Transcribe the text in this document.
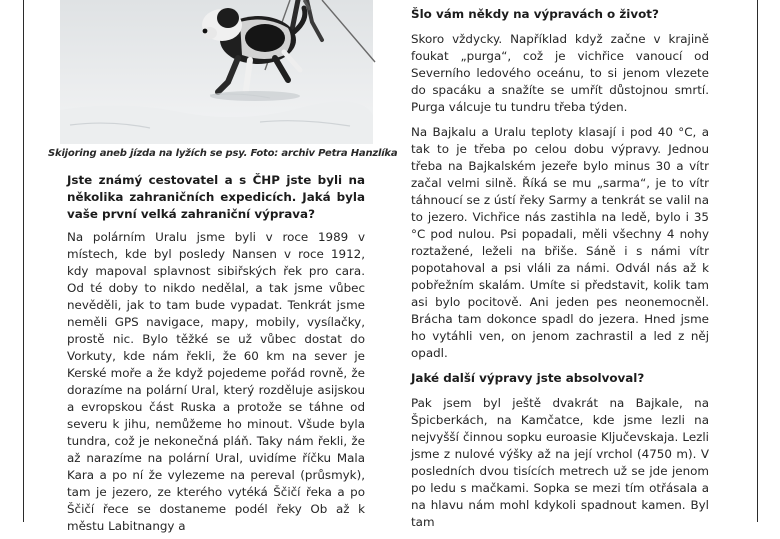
Skijoring aneb jízda na lyžích se psy. Foto: archiv Petra Hanzlíka

Jste známý cestovatel a s ČHP jste byli na několika zahraničních expedicích. Jaká byla vaše první velká zahraniční výprava?

Na polárním Uralu jsme byli v roce 1989 v místech, kde byl posledy Nansen v roce 1912, kdy mapoval splavnost sibiřských řek pro cara. Od té doby to nikdo nedělal, a tak jsme vůbec nevěděli, jak to tam bude vypadat. Tenkrát jsme neměli GPS navigace, mapy, mobily, vysílačky, prostě nic. Bylo těžké se už vůbec dostat do Vorkuty, kde nám řekli, že 60 km na sever je Kerské moře a že když pojedeme pořád rovně, že dorazíme na polární Ural, který rozděluje asijskou a evropskou část Ruska a protože se táhne od severu k jihu, nemůžeme ho minout. Všude byla tundra, což je nekonečná pláň. Taky nám řekli, že až narazíme na polární Ural, uvidíme říčku Mala Kara a po ní že vylezeme na pereval (průsmyk), tam je jezero, ze kterého vytéká Ščičí řeka a po Ščičí řece se dostaneme podél řeky Ob až k městu Labitnangy a

Šlo vám někdy na výpravách o život?

Skoro vždycky. Například když začne v krajině foukat „purga“, což je vichřice vanoucí od Severního ledového oceánu, to si jenom vlezete do spacáku a snažíte se umřít důstojnou smrtí. Purga válcuje tu tundru třeba týden.

Na Bajkalu a Uralu teploty klasají i pod 40 °C, a tak to je třeba po celou dobu výpravy. Jednou třeba na Bajkalském jezeře bylo minus 30 a vítr začal velmi silně. Říká se mu „sarma“, je to vítr táhnoucí se z ústí řeky Sarmy a tenkrát se valil na to jezero. Vichřice nás zastihla na ledě, bylo i 35 °C pod nulou. Psi popadali, měli všechny 4 nohy roztažené, leželi na břiše. Sáně i s námi vítr popotahoval a psi vláli za námi. Odvál nás až k pobřežním skalám. Umíte si představit, kolik tam asi bylo pocitově. Ani jeden pes neonemocněl. Brácha tam dokonce spadl do jezera. Hned jsme ho vytáhli ven, on jenom zachrastil a led z něj opadl.

Jaké další výpravy jste absolvoval?

Pak jsem byl ještě dvakrát na Bajkale, na Špicberkách, na Kamčatce, kde jsme lezli na nejvyšší činnou sopku euroasie Ključevskaja. Lezli jsme z nulové výšky až na její vrchol (4750 m). V posledních dvou tisících metrech už se jde jenom po ledu s mačkami. Sopka se mezi tím otřásala a na hlavu nám mohl kdykoli spadnout kamen. Byl tam
